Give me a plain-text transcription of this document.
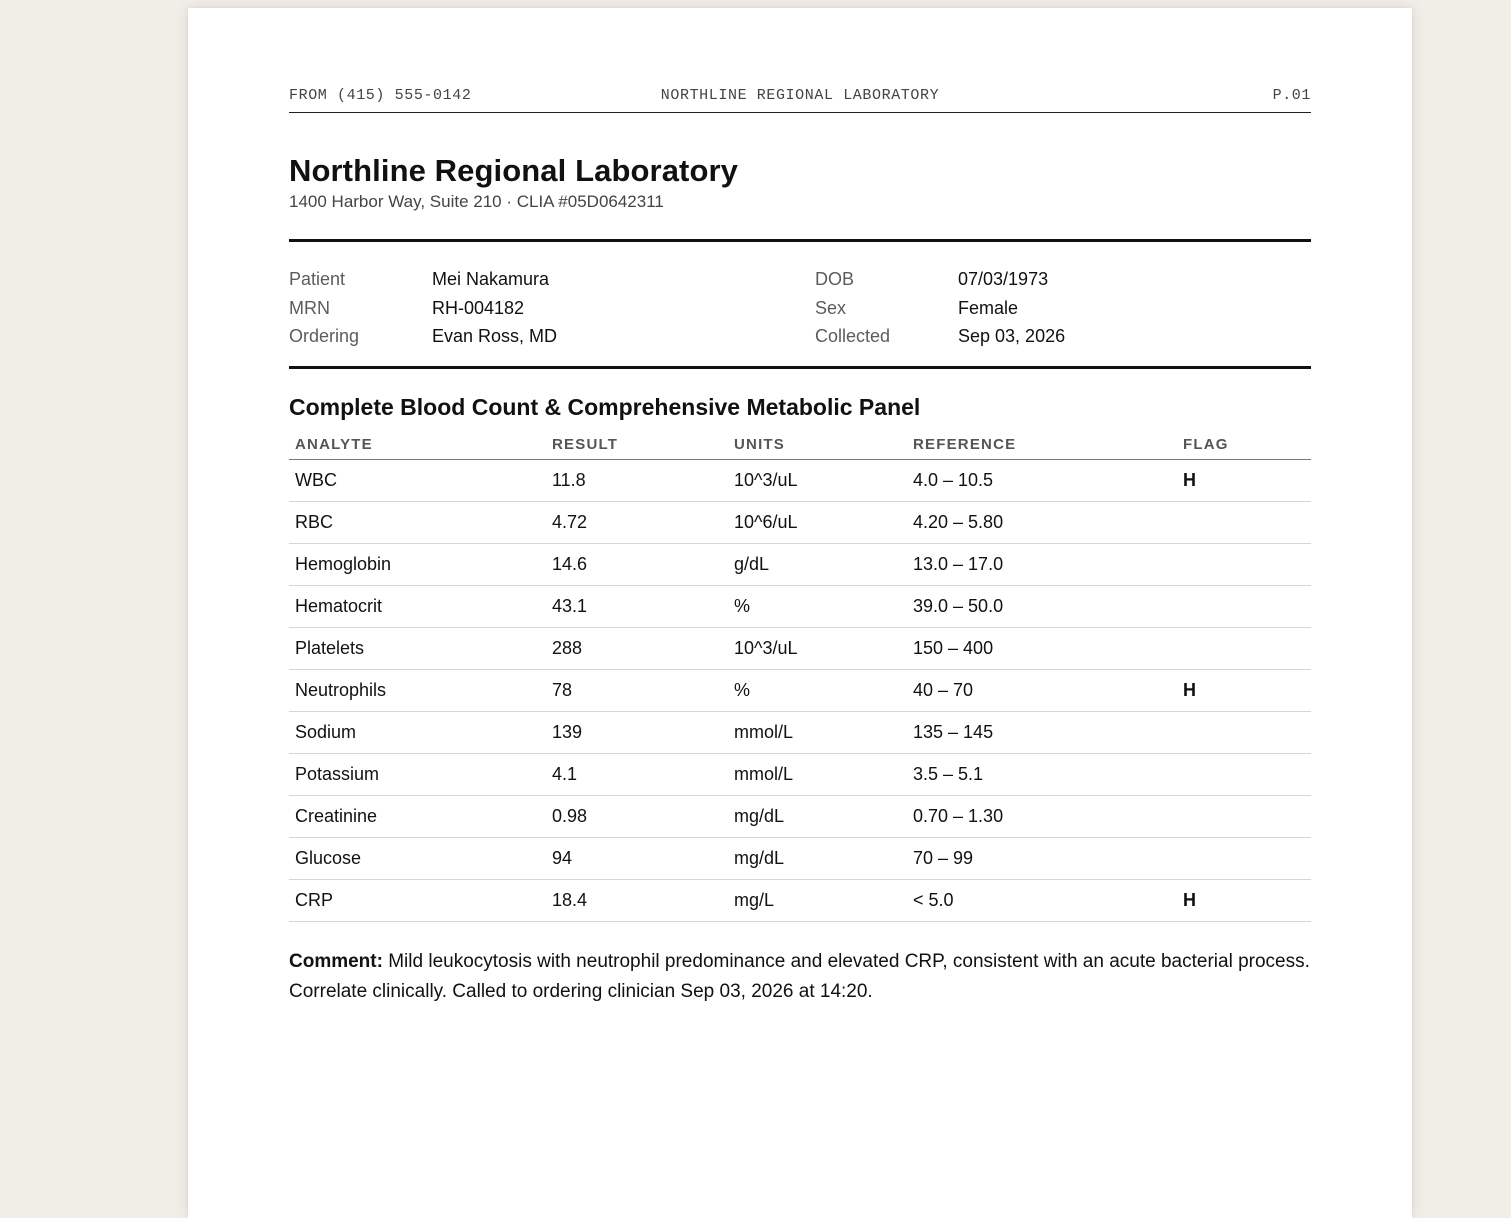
FROM (415) 555-0142	NORTHLINE REGIONAL LABORATORY	P.01
Northline Regional Laboratory
1400 Harbor Way, Suite 210 · CLIA #05D0642311
Patient	Mei Nakamura	DOB	07/03/1973
MRN	RH-004182	Sex	Female
Ordering	Evan Ross, MD	Collected	Sep 03, 2026
Complete Blood Count & Comprehensive Metabolic Panel
ANALYTE	RESULT	UNITS	REFERENCE	FLAG
WBC	11.8	10^3/uL	4.0 – 10.5	H
RBC	4.72	10^6/uL	4.20 – 5.80	
Hemoglobin	14.6	g/dL	13.0 – 17.0	
Hematocrit	43.1	%	39.0 – 50.0	
Platelets	288	10^3/uL	150 – 400	
Neutrophils	78	%	40 – 70	H
Sodium	139	mmol/L	135 – 145	
Potassium	4.1	mmol/L	3.5 – 5.1	
Creatinine	0.98	mg/dL	0.70 – 1.30	
Glucose	94	mg/dL	70 – 99	
CRP	18.4	mg/L	< 5.0	H
Comment: Mild leukocytosis with neutrophil predominance and elevated CRP, consistent with an acute bacterial process. Correlate clinically. Called to ordering clinician Sep 03, 2026 at 14:20.
